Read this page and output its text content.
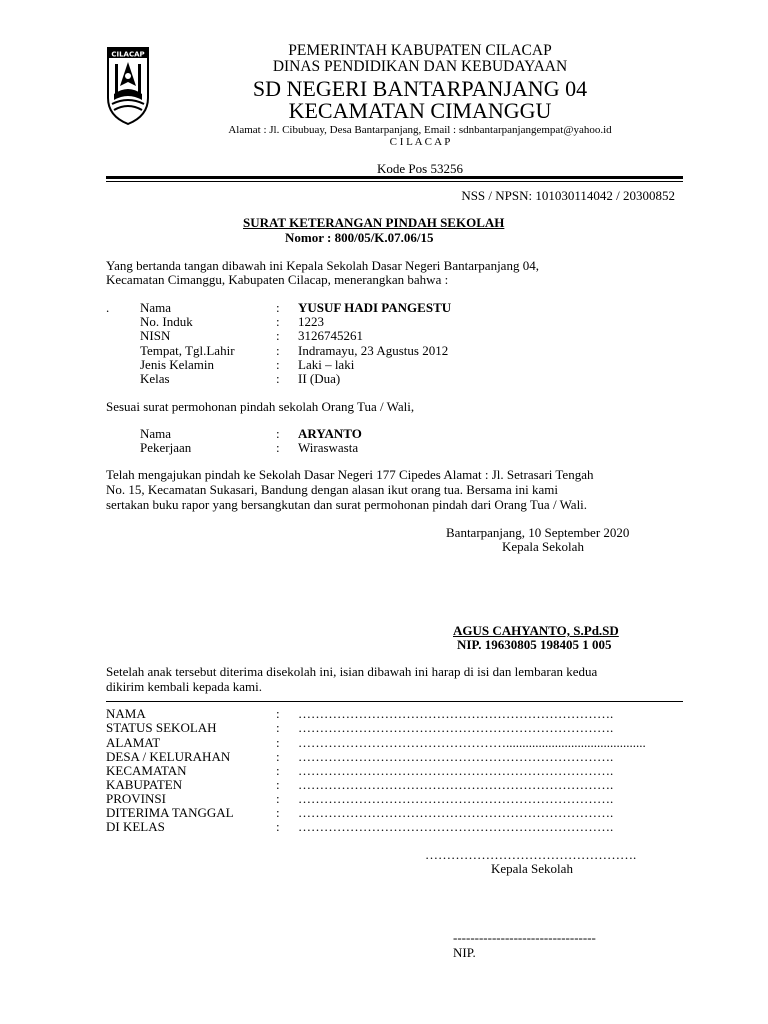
CILACAP	PEMERINTAH KABUPATEN CILACAP
DINAS PENDIDIKAN DAN KEBUDAYAAN
SD NEGERI BANTARPANJANG 04
KECAMATAN CIMANGGU
Alamat : Jl. Cibubuay, Desa Bantarpanjang, Email : sdnbantarpanjangempat@yahoo.id
C I L A C A P
Kode Pos 53256
NSS / NPSN: 101030114042 / 20300852
SURAT KETERANGAN PINDAH SEKOLAH
Nomor : 800/05/K.07.06/15
Yang bertanda tangan dibawah ini Kepala Sekolah Dasar Negeri Bantarpanjang 04,
Kecamatan Cimanggu, Kabupaten Cilacap, menerangkan bahwa :
. Nama	: YUSUF HADI PANGESTU
No. Induk	: 1223
NISN	: 3126745261
Tempat, Tgl.Lahir	: Indramayu, 23 Agustus 2012
Jenis Kelamin	: Laki – laki
Kelas	: II (Dua)
Sesuai surat permohonan pindah sekolah Orang Tua / Wali,
Nama	: ARYANTO
Pekerjaan	: Wiraswasta
Telah mengajukan pindah ke Sekolah Dasar Negeri 177 Cipedes Alamat : Jl. Setrasari Tengah
No. 15, Kecamatan Sukasari, Bandung dengan alasan ikut orang tua. Bersama ini kami
sertakan buku rapor yang bersangkutan dan surat permohonan pindah dari Orang Tua / Wali.
Bantarpanjang, 10 September 2020
Kepala Sekolah
AGUS CAHYANTO, S.Pd.SD
NIP. 19630805 198405 1 005
Setelah anak tersebut diterima disekolah ini, isian dibawah ini harap di isi dan lembaran kedua
dikirim kembali kepada kami.
NAMA	: ……………………………………………………………….
STATUS SEKOLAH	: ……………………………………………………………….
ALAMAT	: …………………………………………...........................................
DESA / KELURAHAN	: ……………………………………………………………….
KECAMATAN	: ……………………………………………………………….
KABUPATEN	: ……………………………………………………………….
PROVINSI	: ……………………………………………………………….
DITERIMA TANGGAL	: ……………………………………………………………….
DI KELAS	: ……………………………………………………………….
………………………………………….
Kepala Sekolah
---------------------------------
NIP.
